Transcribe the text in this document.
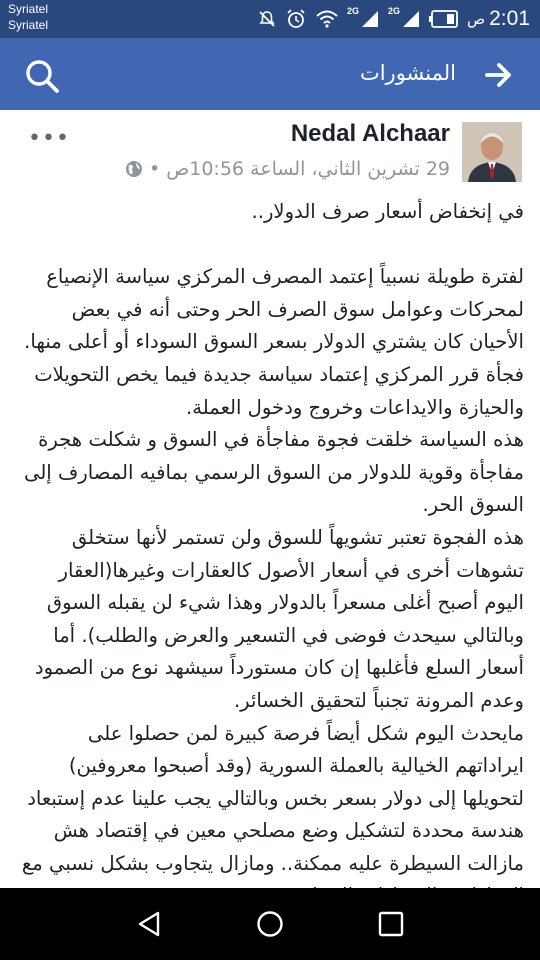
Syriatel
Syriatel
2G	2G	ص 2:01
المنشورات
Nedal Alchaar
29 تشرين الثاني، الساعة 10:56ص
•
•••

في إنخفاض أسعار صرف الدولار..

لفترة طويلة نسبياً إعتمد المصرف المركزي سياسة الإنصياع لمحركات وعوامل سوق الصرف الحر وحتى أنه في بعض الأحيان كان يشتري الدولار بسعر السوق السوداء أو أعلى منها.

فجأة قرر المركزي إعتماد سياسة جديدة فيما يخص التحويلات والحيازة والايداعات وخروج ودخول العملة.

هذه السياسة خلقت فجوة مفاجأة في السوق و شكلت هجرة مفاجأة وقوية للدولار من السوق الرسمي بمافيه المصارف إلى السوق الحر.

هذه الفجوة تعتبر تشويهاً للسوق ولن تستمر لأنها ستخلق تشوهات أخرى في أسعار الأصول كالعقارات وغيرها(العقار اليوم أصبح أغلى مسعراً بالدولار وهذا شيء لن يقبله السوق وبالتالي سيحدث فوضى في التسعير والعرض والطلب). أما أسعار السلع فأغلبها إن كان مستورداً سيشهد نوع من الصمود وعدم المرونة تجنباً لتحقيق الخسائر.

مايحدث اليوم شكل أيضاً فرصة كبيرة لمن حصلوا على ايراداتهم الخيالية بالعملة السورية (وقد أصبحوا معروفين) لتحويلها إلى دولار بسعر بخس وبالتالي يجب علينا عدم إستبعاد هندسة محددة لتشكيل وضع مصلحي معين في إقتصاد هش مازالت السيطرة عليه ممكنة.. ومازال يتجاوب بشكل نسبي مع
